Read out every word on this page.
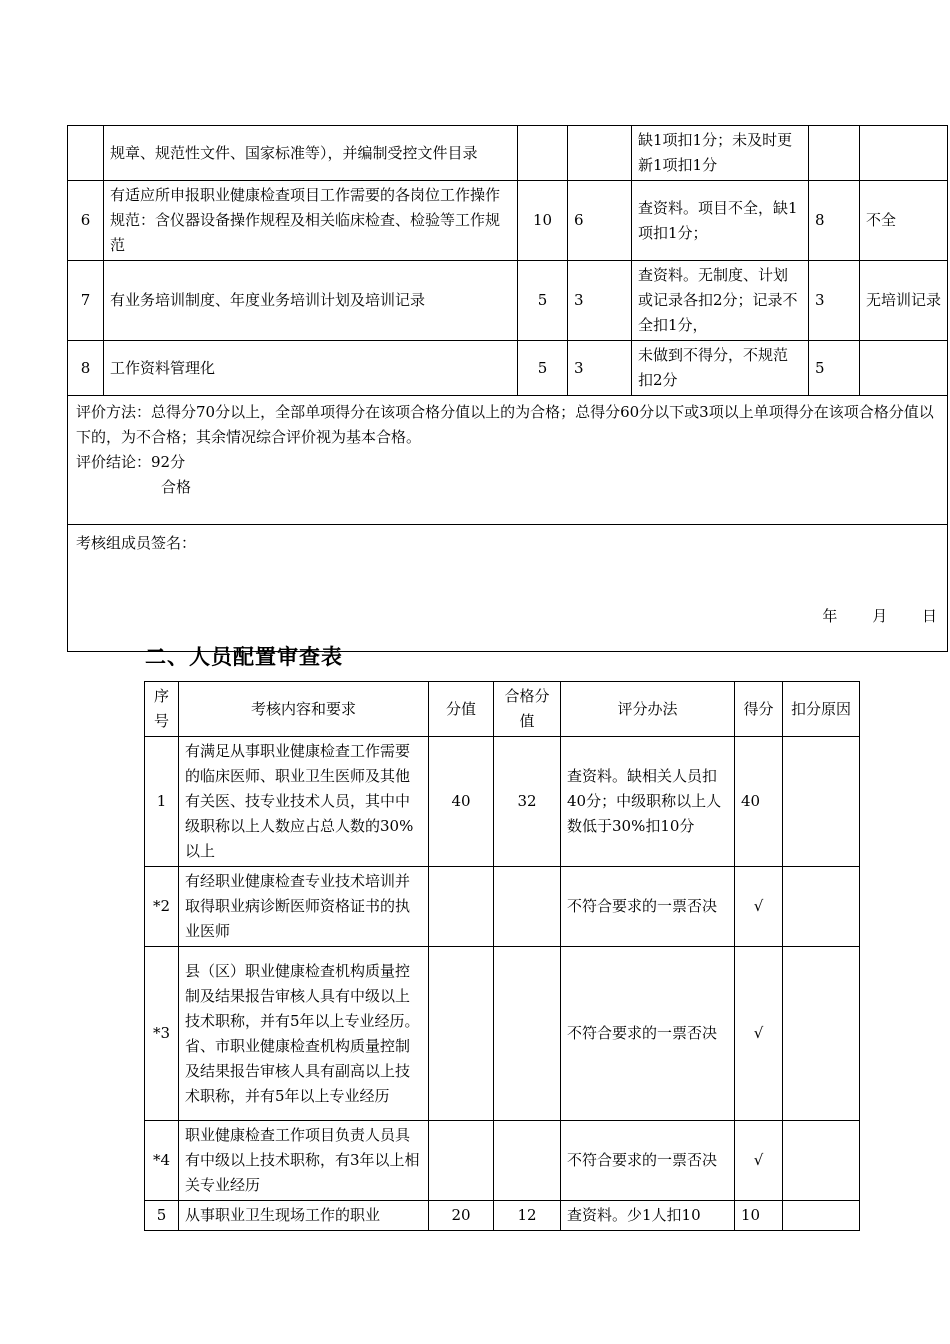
	规章、规范性文件、国家标准等），并编制受控文件目录			缺1项扣1分；未及时更新1项扣1分		
6	有适应所申报职业健康检查项目工作需要的各岗位工作操作规范：含仪器设备操作规程及相关临床检查、检验等工作规范	10	6	查资料。项目不全，缺1项扣1分；	8	不全
7	有业务培训制度、年度业务培训计划及培训记录	5	3	查资料。无制度、计划或记录各扣2分；记录不全扣1分，	3	无培训记录
8	工作资料管理化	5	3	未做到不得分，不规范扣2分	5	

评价方法：总得分70分以上，全部单项得分在该项合格分值以上的为合格；总得分60分以下或3项以上单项得分在该项合格分值以下的，为不合格；其余情况综合评价视为基本合格。
评价结论：92分
合格						

考核组成员签名：
年 月 日						
二、人员配置审查表
序号	考核内容和要求	分值	合格分值	评分办法	得分	扣分原因
1	有满足从事职业健康检查工作需要的临床医师、职业卫生医师及其他有关医、技专业技术人员，其中中级职称以上人数应占总人数的30%以上	40	32	查资料。缺相关人员扣40分；中级职称以上人数低于30%扣10分	40	
*2	有经职业健康检查专业技术培训并取得职业病诊断医师资格证书的执业医师			不符合要求的一票否决	√	
*3	县（区）职业健康检查机构质量控制及结果报告审核人具有中级以上技术职称，并有5年以上专业经历。省、市职业健康检查机构质量控制及结果报告审核人具有副高以上技术职称，并有5年以上专业经历			不符合要求的一票否决	√	
*4	职业健康检查工作项目负责人员具有中级以上技术职称，有3年以上相关专业经历			不符合要求的一票否决	√	
5	从事职业卫生现场工作的职业	20	12	查资料。少1人扣10	10	
